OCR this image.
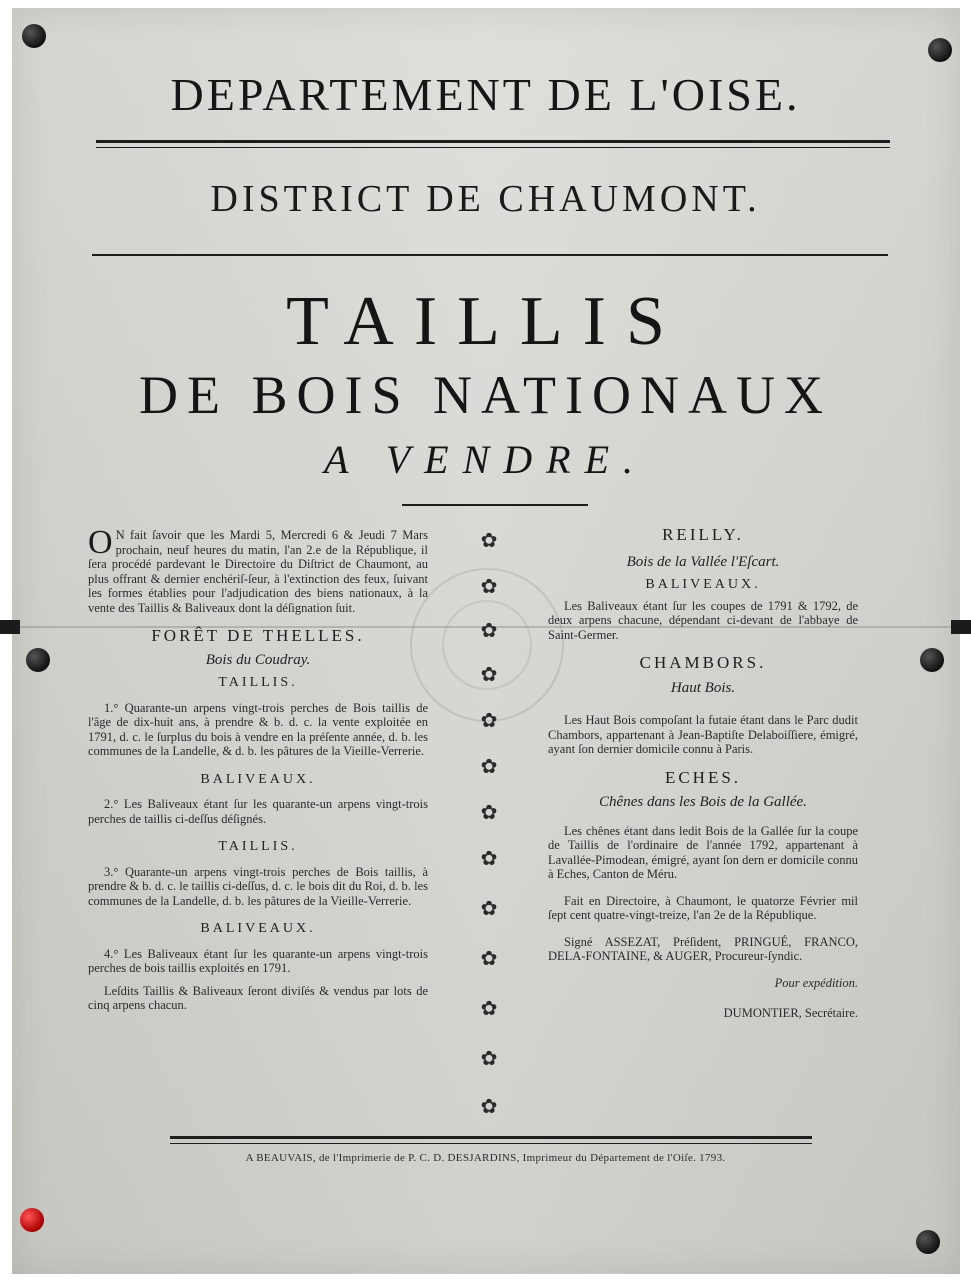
DEPARTEMENT DE L'OISE.
DISTRICT DE CHAUMONT.
TAILLIS
DE BOIS NATIONAUX
A VENDRE.
O N fait ſavoir que les Mardi 5, Mercredi 6 & Jeudi 7 Mars prochain, neuf heures du matin, l'an 2.e de la République, il ſera procédé pardevant le Directoire du Diſtrict de Chaumont, au plus offrant & dernier enchériſ-ſeur, à l'extinction des feux, ſuivant les formes établies pour l'adjudication des biens nationaux, à la vente des Taillis & Baliveaux dont la déſignation ſuit.
FORÊT DE THELLES.
Bois du Coudray.
TAILLIS.
1.° Quarante-un arpens vingt-trois perches de Bois taillis de l'âge de dix-huit ans, à prendre & b. d. c. la vente exploitée en 1791, d. c. le ſurplus du bois à vendre en la préſente année, d. b. les communes de la Landelle, & d. b. les pâtures de la Vieille-Verrerie.
BALIVEAUX.
2.° Les Baliveaux étant ſur les quarante-un arpens vingt-trois perches de taillis ci-deſſus déſignés.
TAILLIS.
3.° Quarante-un arpens vingt-trois perches de Bois taillis, à prendre & b. d. c. le taillis ci-deſſus, d. c. le bois dit du Roi, d. b. les communes de la Landelle, d. b. les pâtures de la Vieille-Verrerie.
BALIVEAUX.
4.° Les Baliveaux étant ſur les quarante-un arpens vingt-trois perches de bois taillis exploités en 1791.
Leſdits Taillis & Baliveaux ſeront diviſés & vendus par lots de cinq arpens chacun.
REILLY.
Bois de la Vallée l'Eſcart.
BALIVEAUX.
Les Baliveaux étant ſur les coupes de 1791 & 1792, de deux arpens chacune, dépendant ci-devant de l'abbaye de Saint-Germer.
CHAMBORS.
Haut Bois.
Les Haut Bois compoſant la futaie étant dans le Parc dudit Chambors, appartenant à Jean-Baptiſte Delaboiſſiere, émigré, ayant ſon dernier domicile connu à Paris.
ECHES.
Chênes dans les Bois de la Gallée.
Les chênes étant dans ledit Bois de la Gallée ſur la coupe de Taillis de l'ordinaire de l'année 1792, appartenant à Lavallée-Pimodean, émigré, ayant ſon dern er domicile connu à Eches, Canton de Méru.
Fait en Directoire, à Chaumont, le quatorze Février mil ſept cent quatre-vingt-treize, l'an 2e de la République.
Signé ASSEZAT, Préſident, PRINGUÉ, FRANCO, DELA-FONTAINE, & AUGER, Procureur-ſyndic.
Pour expédition.
DUMONTIER, Secrétaire.
✿
✿
✿
✿
✿
✿
✿
✿
✿
✿
✿
✿
✿
A BEAUVAIS, de l'Imprimerie de P. C. D. DESJARDINS, Imprimeur du Département de l'Oiſe. 1793.
